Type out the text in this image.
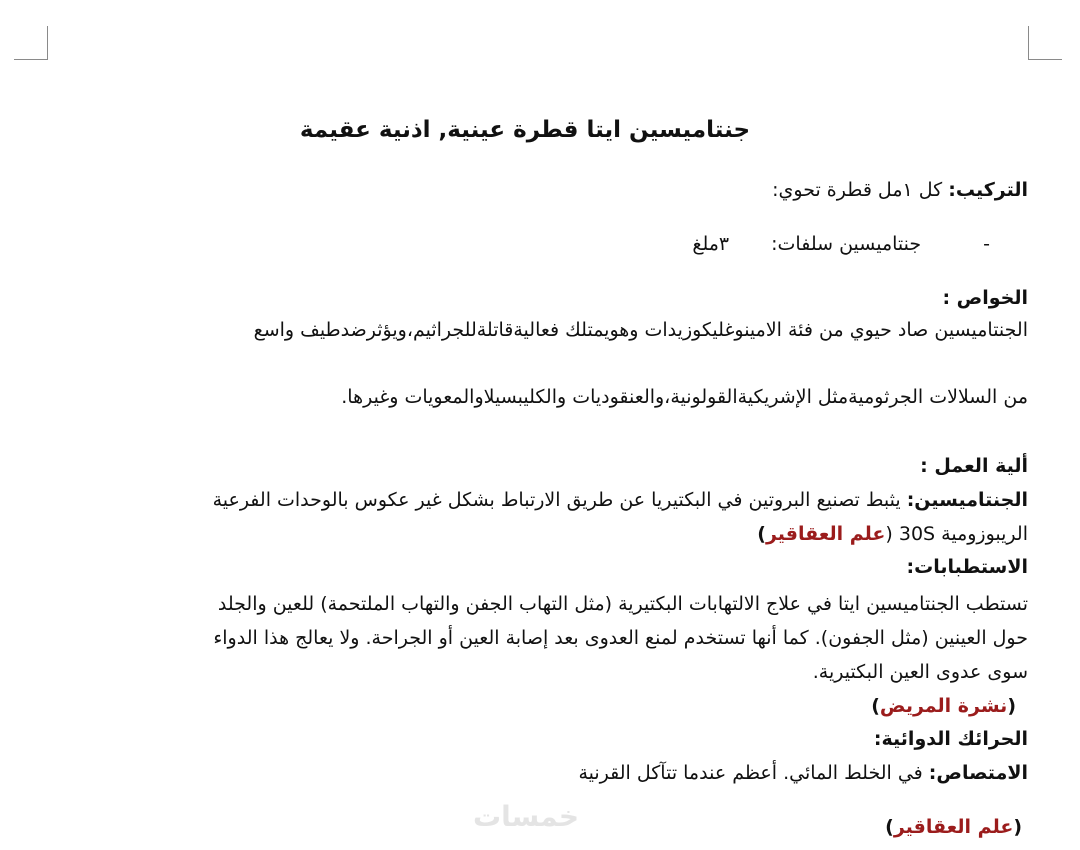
جنتاميسين ايتا قطرة عينية, اذنية عقيمة
التركيب: كل ١مل قطرة تحوي:
-جنتاميسين سلفات:٣ملغ
الخواص :
الجنتاميسين صاد حيوي من فئة الامينوغليكوزيدات وهويمتلك فعاليةقاتلةللجراثيم،ويؤثرضدطيف واسع
من السلالات الجرثوميةمثل الإشريكيةالقولونية،والعنقوديات والكليبسيلاوالمعويات وغيرها.
ألية العمل :
الجنتاميسين: يثبط تصنيع البروتين في البكتيريا عن طريق الارتباط بشكل غير عكوس بالوحدات الفرعية
الريبوزومية 30S (علم العقاقير)
الاستطبابات:
تستطب الجنتاميسين ايتا في علاج الالتهابات البكتيرية (مثل التهاب الجفن والتهاب الملتحمة) للعين والجلد
حول العينين (مثل الجفون). كما أنها تستخدم لمنع العدوى بعد إصابة العين أو الجراحة. ولا يعالج هذا الدواء
سوى عدوى العين البكتيرية.
(نشرة المريض)
الحرائك الدوائية:
الامتصاص: في الخلط المائي. أعظم عندما تتآكل القرنية
(علم العقاقير)
خمسات
